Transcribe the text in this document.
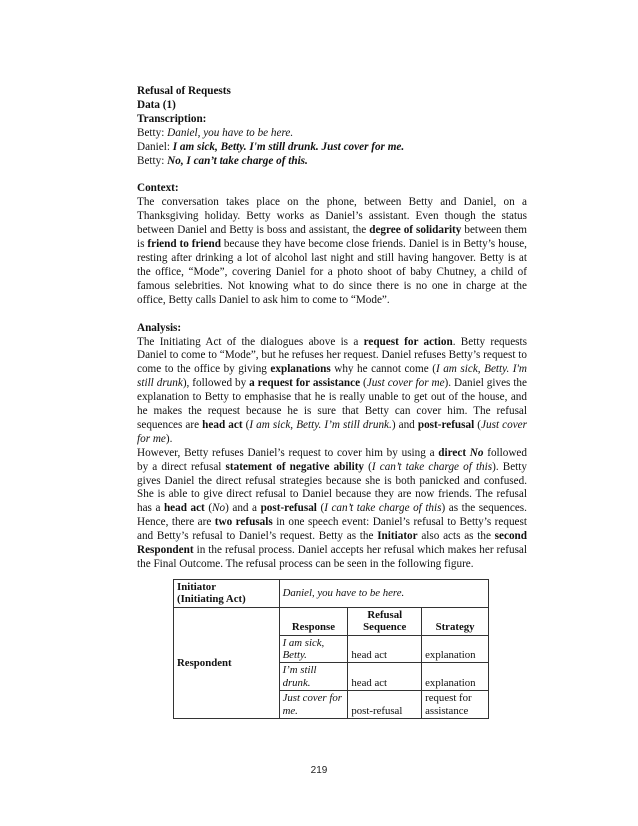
Refusal of Requests

Data (1)

Transcription:

Betty: Daniel, you have to be here.

Daniel: I am sick, Betty. I'm still drunk. Just cover for me.

Betty: No, I can’t take charge of this.

Context:

The conversation takes place on the phone, between Betty and Daniel, on a Thanksgiving holiday. Betty works as Daniel’s assistant. Even though the status between Daniel and Betty is boss and assistant, the degree of solidarity between them is friend to friend because they have become close friends. Daniel is in Betty’s house, resting after drinking a lot of alcohol last night and still having hangover. Betty is at the office, “Mode”, covering Daniel for a photo shoot of baby Chutney, a child of famous selebrities. Not knowing what to do since there is no one in charge at the office, Betty calls Daniel to ask him to come to “Mode”.

Analysis:

The Initiating Act of the dialogues above is a request for action. Betty requests Daniel to come to “Mode”, but he refuses her request. Daniel refuses Betty’s request to come to the office by giving explanations why he cannot come (I am sick, Betty. I'm still drunk), followed by a request for assistance (Just cover for me). Daniel gives the explanation to Betty to emphasise that he is really unable to get out of the house, and he makes the request because he is sure that Betty can cover him. The refusal sequences are head act (I am sick, Betty. I’m still drunk.) and post-refusal (Just cover for me).

However, Betty refuses Daniel’s request to cover him by using a direct No followed by a direct refusal statement of negative ability (I can’t take charge of this). Betty gives Daniel the direct refusal strategies because she is both panicked and confused. She is able to give direct refusal to Daniel because they are now friends. The refusal has a head act (No) and a post-refusal (I can’t take charge of this) as the sequences. Hence, there are two refusals in one speech event: Daniel’s refusal to Betty’s request and Betty’s refusal to Daniel’s request. Betty as the Initiator also acts as the second Respondent in the refusal process. Daniel accepts her refusal which makes her refusal the Final Outcome. The refusal process can be seen in the following figure.

Initiator
(Initiating Act)	Daniel, you have to be here.		
Respondent	Response	Refusal Sequence	Strategy
	I am sick, Betty.	head act	explanation
	I’m still drunk.	head act	explanation
	Just cover for me.	post-refusal	request for assistance
219
